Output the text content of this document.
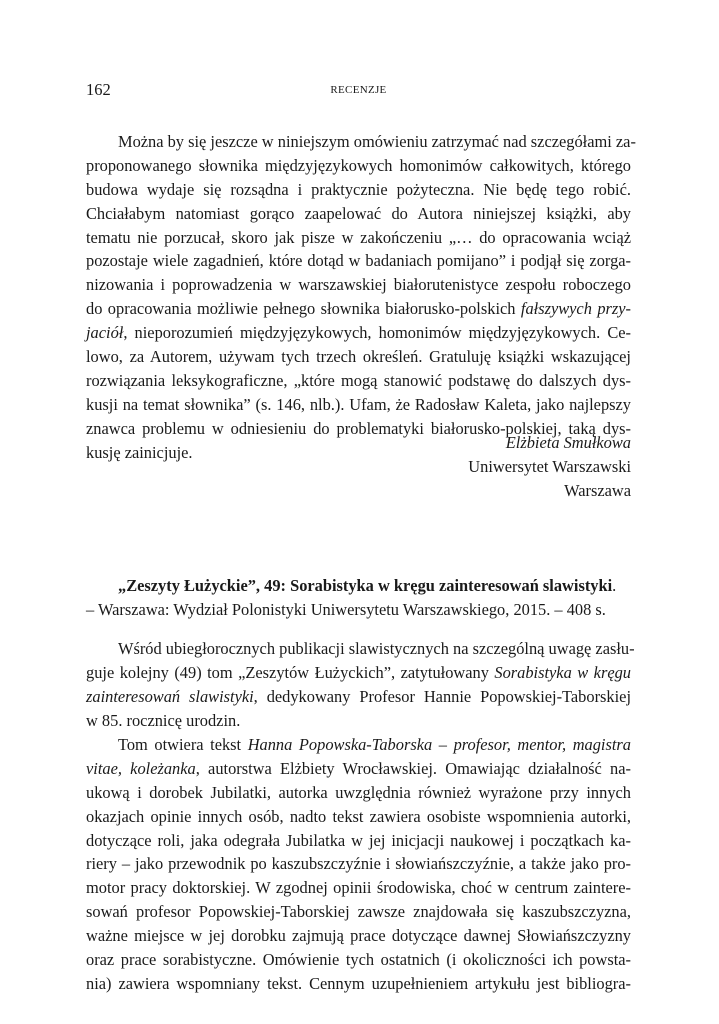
162	RECENZJE
Można by się jeszcze w niniejszym omówieniu zatrzymać nad szczegółami za-
proponowanego słownika międzyjęzykowych homonimów całkowitych, którego
budowa wydaje się rozsądna i praktycznie pożyteczna. Nie będę tego robić.
Chciałabym natomiast gorąco zaapelować do Autora niniejszej książki, aby
tematu nie porzucał, skoro jak pisze w zakończeniu „… do opracowania wciąż
pozostaje wiele zagadnień, które dotąd w badaniach pomijano” i podjął się zorga-
nizowania i poprowadzenia w warszawskiej białorutenistyce zespołu roboczego
do opracowania możliwie pełnego słownika białorusko-polskich fałszywych przy-
jaciół, nieporozumień międzyjęzykowych, homonimów międzyjęzykowych. Ce-
lowo, za Autorem, używam tych trzech określeń. Gratuluję książki wskazującej
rozwiązania leksykograficzne, „które mogą stanowić podstawę do dalszych dys-
kusji na temat słownika” (s. 146, nlb.). Ufam, że Radosław Kaleta, jako najlepszy
znawca problemu w odniesieniu do problematyki białorusko-polskiej, taką dys-
kusję zainicjuje.
Elżbieta Smułkowa
Uniwersytet Warszawski
Warszawa
„Zeszyty Łużyckie”, 49: Sorabistyka w kręgu zainteresowań slawistyki.
– Warszawa: Wydział Polonistyki Uniwersytetu Warszawskiego, 2015. – 408 s.
Wśród ubiegłorocznych publikacji slawistycznych na szczególną uwagę zasłu-
guje kolejny (49) tom „Zeszytów Łużyckich”, zatytułowany Sorabistyka w kręgu
zainteresowań slawistyki, dedykowany Profesor Hannie Popowskiej-Taborskiej
w 85. rocznicę urodzin.
Tom otwiera tekst Hanna Popowska-Taborska – profesor, mentor, magistra
vitae, koleżanka, autorstwa Elżbiety Wrocławskiej. Omawiając działalność na-
ukową i dorobek Jubilatki, autorka uwzględnia również wyrażone przy innych
okazjach opinie innych osób, nadto tekst zawiera osobiste wspomnienia autorki,
dotyczące roli, jaka odegrała Jubilatka w jej inicjacji naukowej i początkach ka-
riery – jako przewodnik po kaszubszczyźnie i słowiańszczyźnie, a także jako pro-
motor pracy doktorskiej. W zgodnej opinii środowiska, choć w centrum zaintere-
sowań profesor Popowskiej-Taborskiej zawsze znajdowała się kaszubszczyzna,
ważne miejsce w jej dorobku zajmują prace dotyczące dawnej Słowiańszczyzny
oraz prace sorabistyczne. Omówienie tych ostatnich (i okoliczności ich powsta-
nia) zawiera wspomniany tekst. Cennym uzupełnieniem artykułu jest bibliogra-
